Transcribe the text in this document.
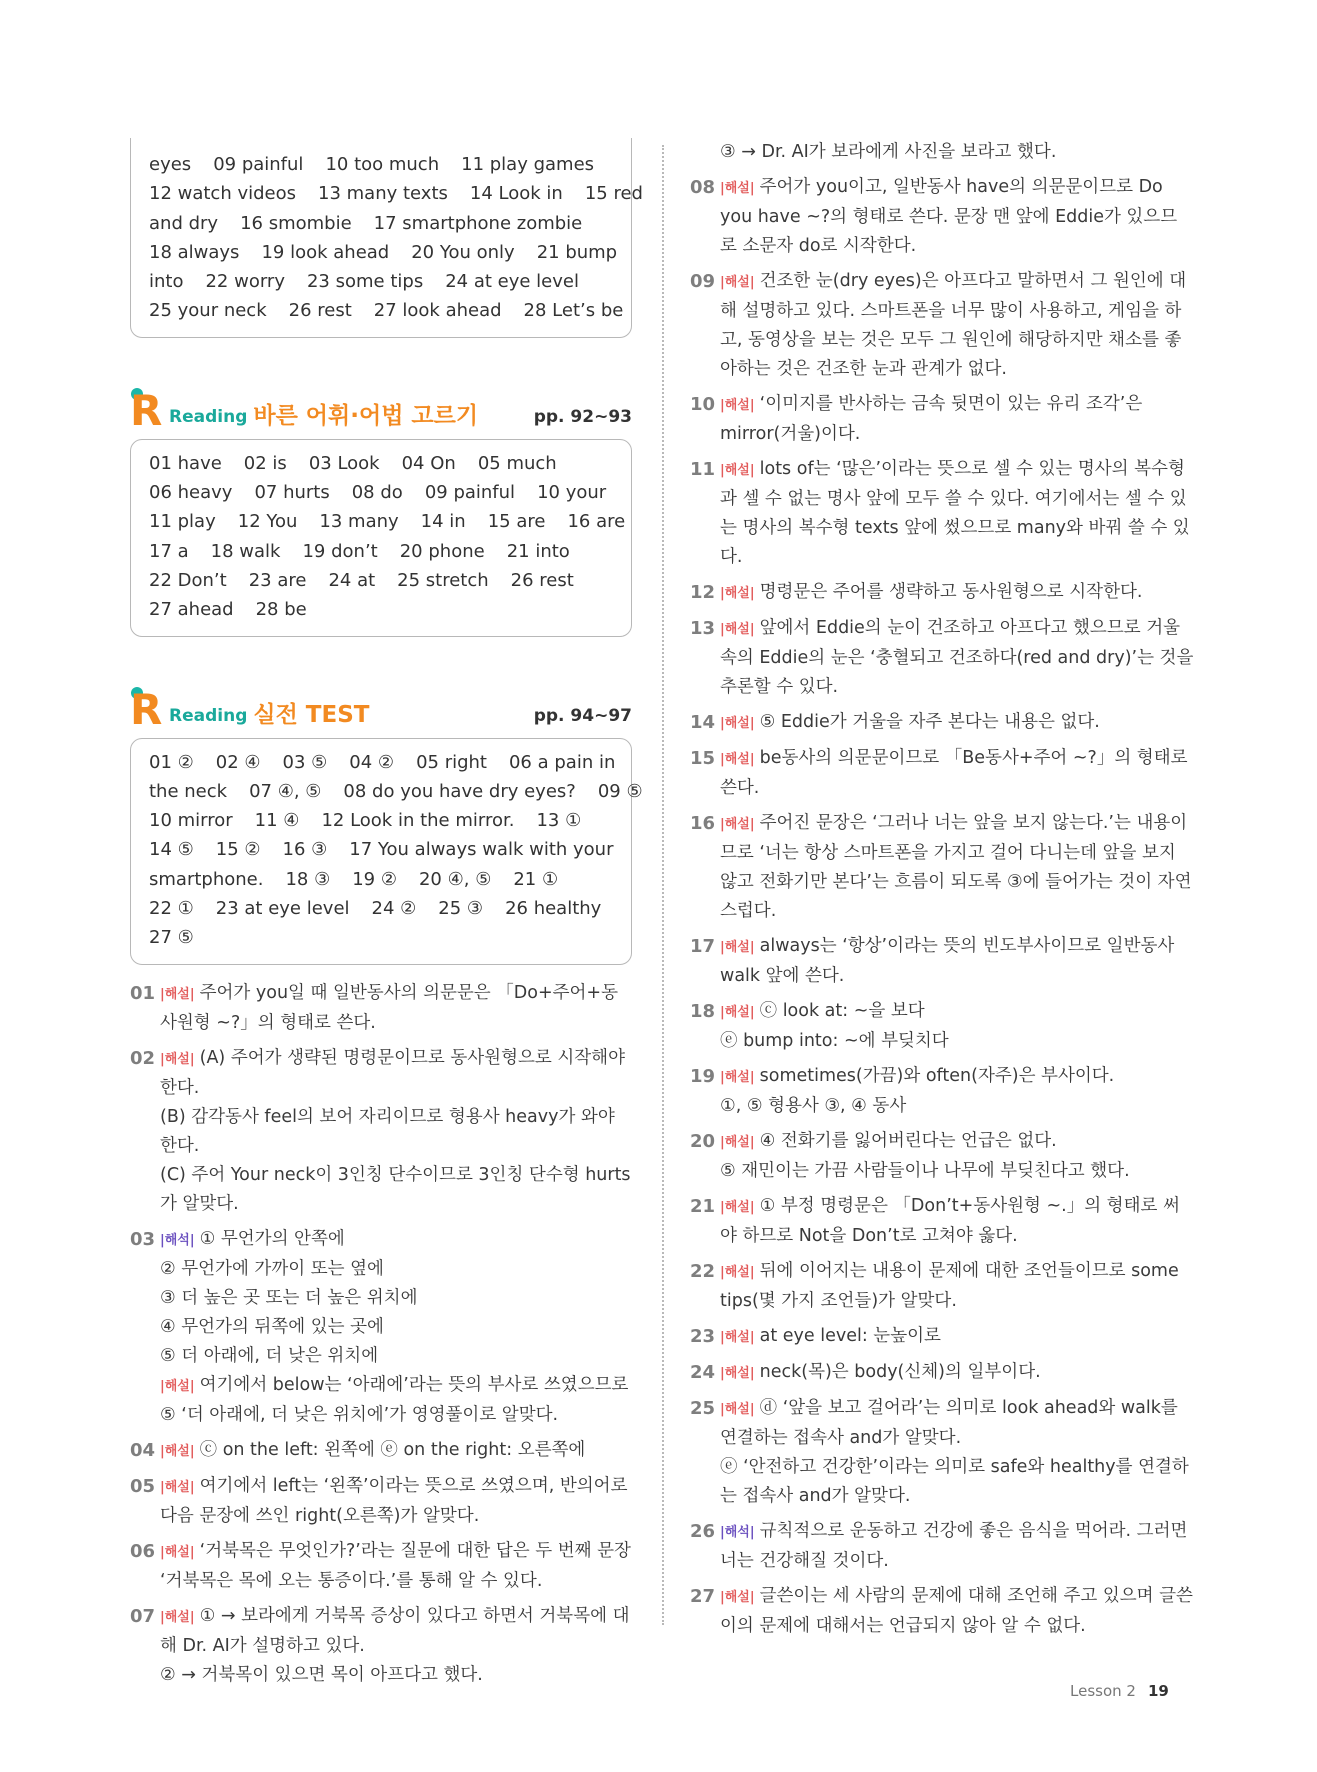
eyes 09 painful 10 too much 11 play games
12 watch videos 13 many texts 14 Look in 15 red
and dry 16 smombie 17 smartphone zombie
18 always 19 look ahead 20 You only 21 bump
into 22 worry 23 some tips 24 at eye level
25 your neck 26 rest 27 look ahead 28 Let’s be
R Reading 바른 어휘·어법 고르기	pp. 92~93
01 have 02 is 03 Look 04 On 05 much
06 heavy 07 hurts 08 do 09 painful 10 your
11 play 12 You 13 many 14 in 15 are 16 are
17 a 18 walk 19 don’t 20 phone 21 into
22 Don’t 23 are 24 at 25 stretch 26 rest
27 ahead 28 be
R Reading 실전 TEST	pp. 94~97
01 ② 02 ④ 03 ⑤ 04 ② 05 right 06 a pain in
the neck 07 ④, ⑤ 08 do you have dry eyes? 09 ⑤
10 mirror 11 ④ 12 Look in the mirror. 13 ①
14 ⑤ 15 ② 16 ③ 17 You always walk with your
smartphone. 18 ③ 19 ② 20 ④, ⑤ 21 ①
22 ① 23 at eye level 24 ② 25 ③ 26 healthy
27 ⑤
01 |해설| 주어가 you일 때 일반동사의 의문문은 「Do+주어+동사원형 ~?」의 형태로 쓴다.

02 |해설| (A) 주어가 생략된 명령문이므로 동사원형으로 시작해야 한다.

(B) 감각동사 feel의 보어 자리이므로 형용사 heavy가 와야 한다.

(C) 주어 Your neck이 3인칭 단수이므로 3인칭 단수형 hurts가 알맞다.

03 |해석| ① 무언가의 안쪽에

② 무언가에 가까이 또는 옆에

③ 더 높은 곳 또는 더 높은 위치에

④ 무언가의 뒤쪽에 있는 곳에

⑤ 더 아래에, 더 낮은 위치에

|해설| 여기에서 below는 ‘아래에’라는 뜻의 부사로 쓰였으므로 ⑤ ‘더 아래에, 더 낮은 위치에’가 영영풀이로 알맞다.

04 |해설| ⓒ on the left: 왼쪽에 ⓔ on the right: 오른쪽에

05 |해설| 여기에서 left는 ‘왼쪽’이라는 뜻으로 쓰였으며, 반의어로 다음 문장에 쓰인 right(오른쪽)가 알맞다.

06 |해설| ‘거북목은 무엇인가?’라는 질문에 대한 답은 두 번째 문장 ‘거북목은 목에 오는 통증이다.’를 통해 알 수 있다.

07 |해설| ① → 보라에게 거북목 증상이 있다고 하면서 거북목에 대해 Dr. AI가 설명하고 있다.

② → 거북목이 있으면 목이 아프다고 했다.

③ → Dr. AI가 보라에게 사진을 보라고 했다.
08 |해설| 주어가 you이고, 일반동사 have의 의문문이므로 Do you have ~?의 형태로 쓴다. 문장 맨 앞에 Eddie가 있으므로 소문자 do로 시작한다.

09 |해설| 건조한 눈(dry eyes)은 아프다고 말하면서 그 원인에 대해 설명하고 있다. 스마트폰을 너무 많이 사용하고, 게임을 하고, 동영상을 보는 것은 모두 그 원인에 해당하지만 채소를 좋아하는 것은 건조한 눈과 관계가 없다.

10 |해설| ‘이미지를 반사하는 금속 뒷면이 있는 유리 조각’은 mirror(거울)이다.

11 |해설| lots of는 ‘많은’이라는 뜻으로 셀 수 있는 명사의 복수형과 셀 수 없는 명사 앞에 모두 쓸 수 있다. 여기에서는 셀 수 있는 명사의 복수형 texts 앞에 썼으므로 many와 바꿔 쓸 수 있다.

12 |해설| 명령문은 주어를 생략하고 동사원형으로 시작한다.

13 |해설| 앞에서 Eddie의 눈이 건조하고 아프다고 했으므로 거울 속의 Eddie의 눈은 ‘충혈되고 건조하다(red and dry)’는 것을 추론할 수 있다.

14 |해설| ⑤ Eddie가 거울을 자주 본다는 내용은 없다.

15 |해설| be동사의 의문문이므로 「Be동사+주어 ~?」의 형태로 쓴다.

16 |해설| 주어진 문장은 ‘그러나 너는 앞을 보지 않는다.’는 내용이므로 ‘너는 항상 스마트폰을 가지고 걸어 다니는데 앞을 보지 않고 전화기만 본다’는 흐름이 되도록 ③에 들어가는 것이 자연스럽다.

17 |해설| always는 ‘항상’이라는 뜻의 빈도부사이므로 일반동사 walk 앞에 쓴다.

18 |해설| ⓒ look at: ~을 보다

ⓔ bump into: ~에 부딪치다

19 |해설| sometimes(가끔)와 often(자주)은 부사이다.

①, ⑤ 형용사 ③, ④ 동사

20 |해설| ④ 전화기를 잃어버린다는 언급은 없다.

⑤ 재민이는 가끔 사람들이나 나무에 부딪친다고 했다.

21 |해설| ① 부정 명령문은 「Don’t+동사원형 ~.」의 형태로 써야 하므로 Not을 Don’t로 고쳐야 옳다.

22 |해설| 뒤에 이어지는 내용이 문제에 대한 조언들이므로 some tips(몇 가지 조언들)가 알맞다.

23 |해설| at eye level: 눈높이로

24 |해설| neck(목)은 body(신체)의 일부이다.

25 |해설| ⓓ ‘앞을 보고 걸어라’는 의미로 look ahead와 walk를 연결하는 접속사 and가 알맞다.

ⓔ ‘안전하고 건강한’이라는 의미로 safe와 healthy를 연결하는 접속사 and가 알맞다.

26 |해석| 규칙적으로 운동하고 건강에 좋은 음식을 먹어라. 그러면 너는 건강해질 것이다.

27 |해설| 글쓴이는 세 사람의 문제에 대해 조언해 주고 있으며 글쓴이의 문제에 대해서는 언급되지 않아 알 수 없다.

Lesson 2 19
